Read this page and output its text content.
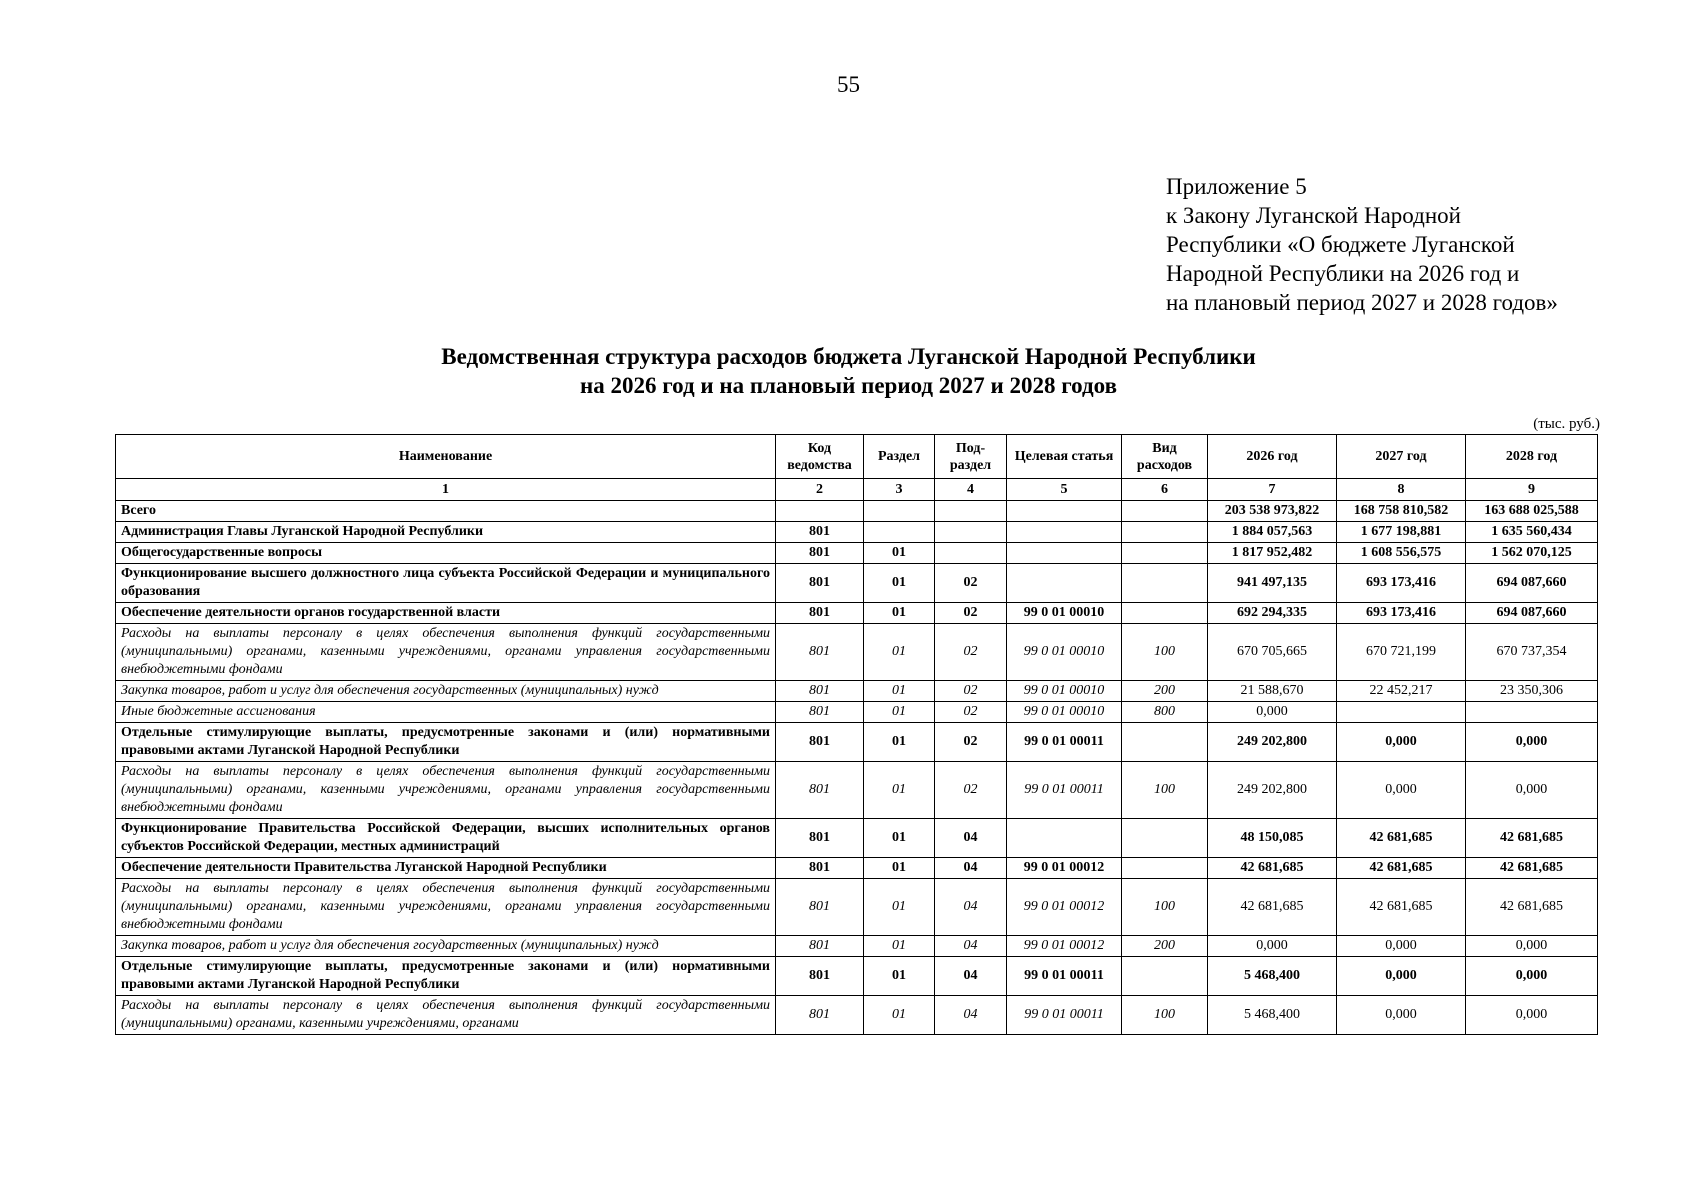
55
Приложение 5
к Закону Луганской Народной
Республики «О бюджете Луганской
Народной Республики на 2026 год и
на плановый период 2027 и 2028 годов»
Ведомственная структура расходов бюджета Луганской Народной Республики
на 2026 год и на плановый период 2027 и 2028 годов
(тыс. руб.)
Наименование	Код ведомства	Раздел	Под-раздел	Целевая статья	Вид расходов	2026 год	2027 год	2028 год
1	2	3	4	5	6	7	8	9
Всего						203 538 973,822	168 758 810,582	163 688 025,588
Администрация Главы Луганской Народной Республики	801					1 884 057,563	1 677 198,881	1 635 560,434
Общегосударственные вопросы	801	01				1 817 952,482	1 608 556,575	1 562 070,125
Функционирование высшего должностного лица субъекта Российской Федерации и муниципального образования	801	01	02			941 497,135	693 173,416	694 087,660
Обеспечение деятельности органов государственной власти	801	01	02	99 0 01 00010		692 294,335	693 173,416	694 087,660
Расходы на выплаты персоналу в целях обеспечения выполнения функций государственными (муниципальными) органами, казенными учреждениями, органами управления государственными внебюджетными фондами	801	01	02	99 0 01 00010	100	670 705,665	670 721,199	670 737,354
Закупка товаров, работ и услуг для обеспечения государственных (муниципальных) нужд	801	01	02	99 0 01 00010	200	21 588,670	22 452,217	23 350,306
Иные бюджетные ассигнования	801	01	02	99 0 01 00010	800	0,000		
Отдельные стимулирующие выплаты, предусмотренные законами и (или) нормативными правовыми актами Луганской Народной Республики	801	01	02	99 0 01 00011		249 202,800	0,000	0,000
Расходы на выплаты персоналу в целях обеспечения выполнения функций государственными (муниципальными) органами, казенными учреждениями, органами управления государственными внебюджетными фондами	801	01	02	99 0 01 00011	100	249 202,800	0,000	0,000
Функционирование Правительства Российской Федерации, высших исполнительных органов субъектов Российской Федерации, местных администраций	801	01	04			48 150,085	42 681,685	42 681,685
Обеспечение деятельности Правительства Луганской Народной Республики	801	01	04	99 0 01 00012		42 681,685	42 681,685	42 681,685
Расходы на выплаты персоналу в целях обеспечения выполнения функций государственными (муниципальными) органами, казенными учреждениями, органами управления государственными внебюджетными фондами	801	01	04	99 0 01 00012	100	42 681,685	42 681,685	42 681,685
Закупка товаров, работ и услуг для обеспечения государственных (муниципальных) нужд	801	01	04	99 0 01 00012	200	0,000	0,000	0,000
Отдельные стимулирующие выплаты, предусмотренные законами и (или) нормативными правовыми актами Луганской Народной Республики	801	01	04	99 0 01 00011		5 468,400	0,000	0,000
Расходы на выплаты персоналу в целях обеспечения выполнения функций государственными (муниципальными) органами, казенными учреждениями, органами	801	01	04	99 0 01 00011	100	5 468,400	0,000	0,000
